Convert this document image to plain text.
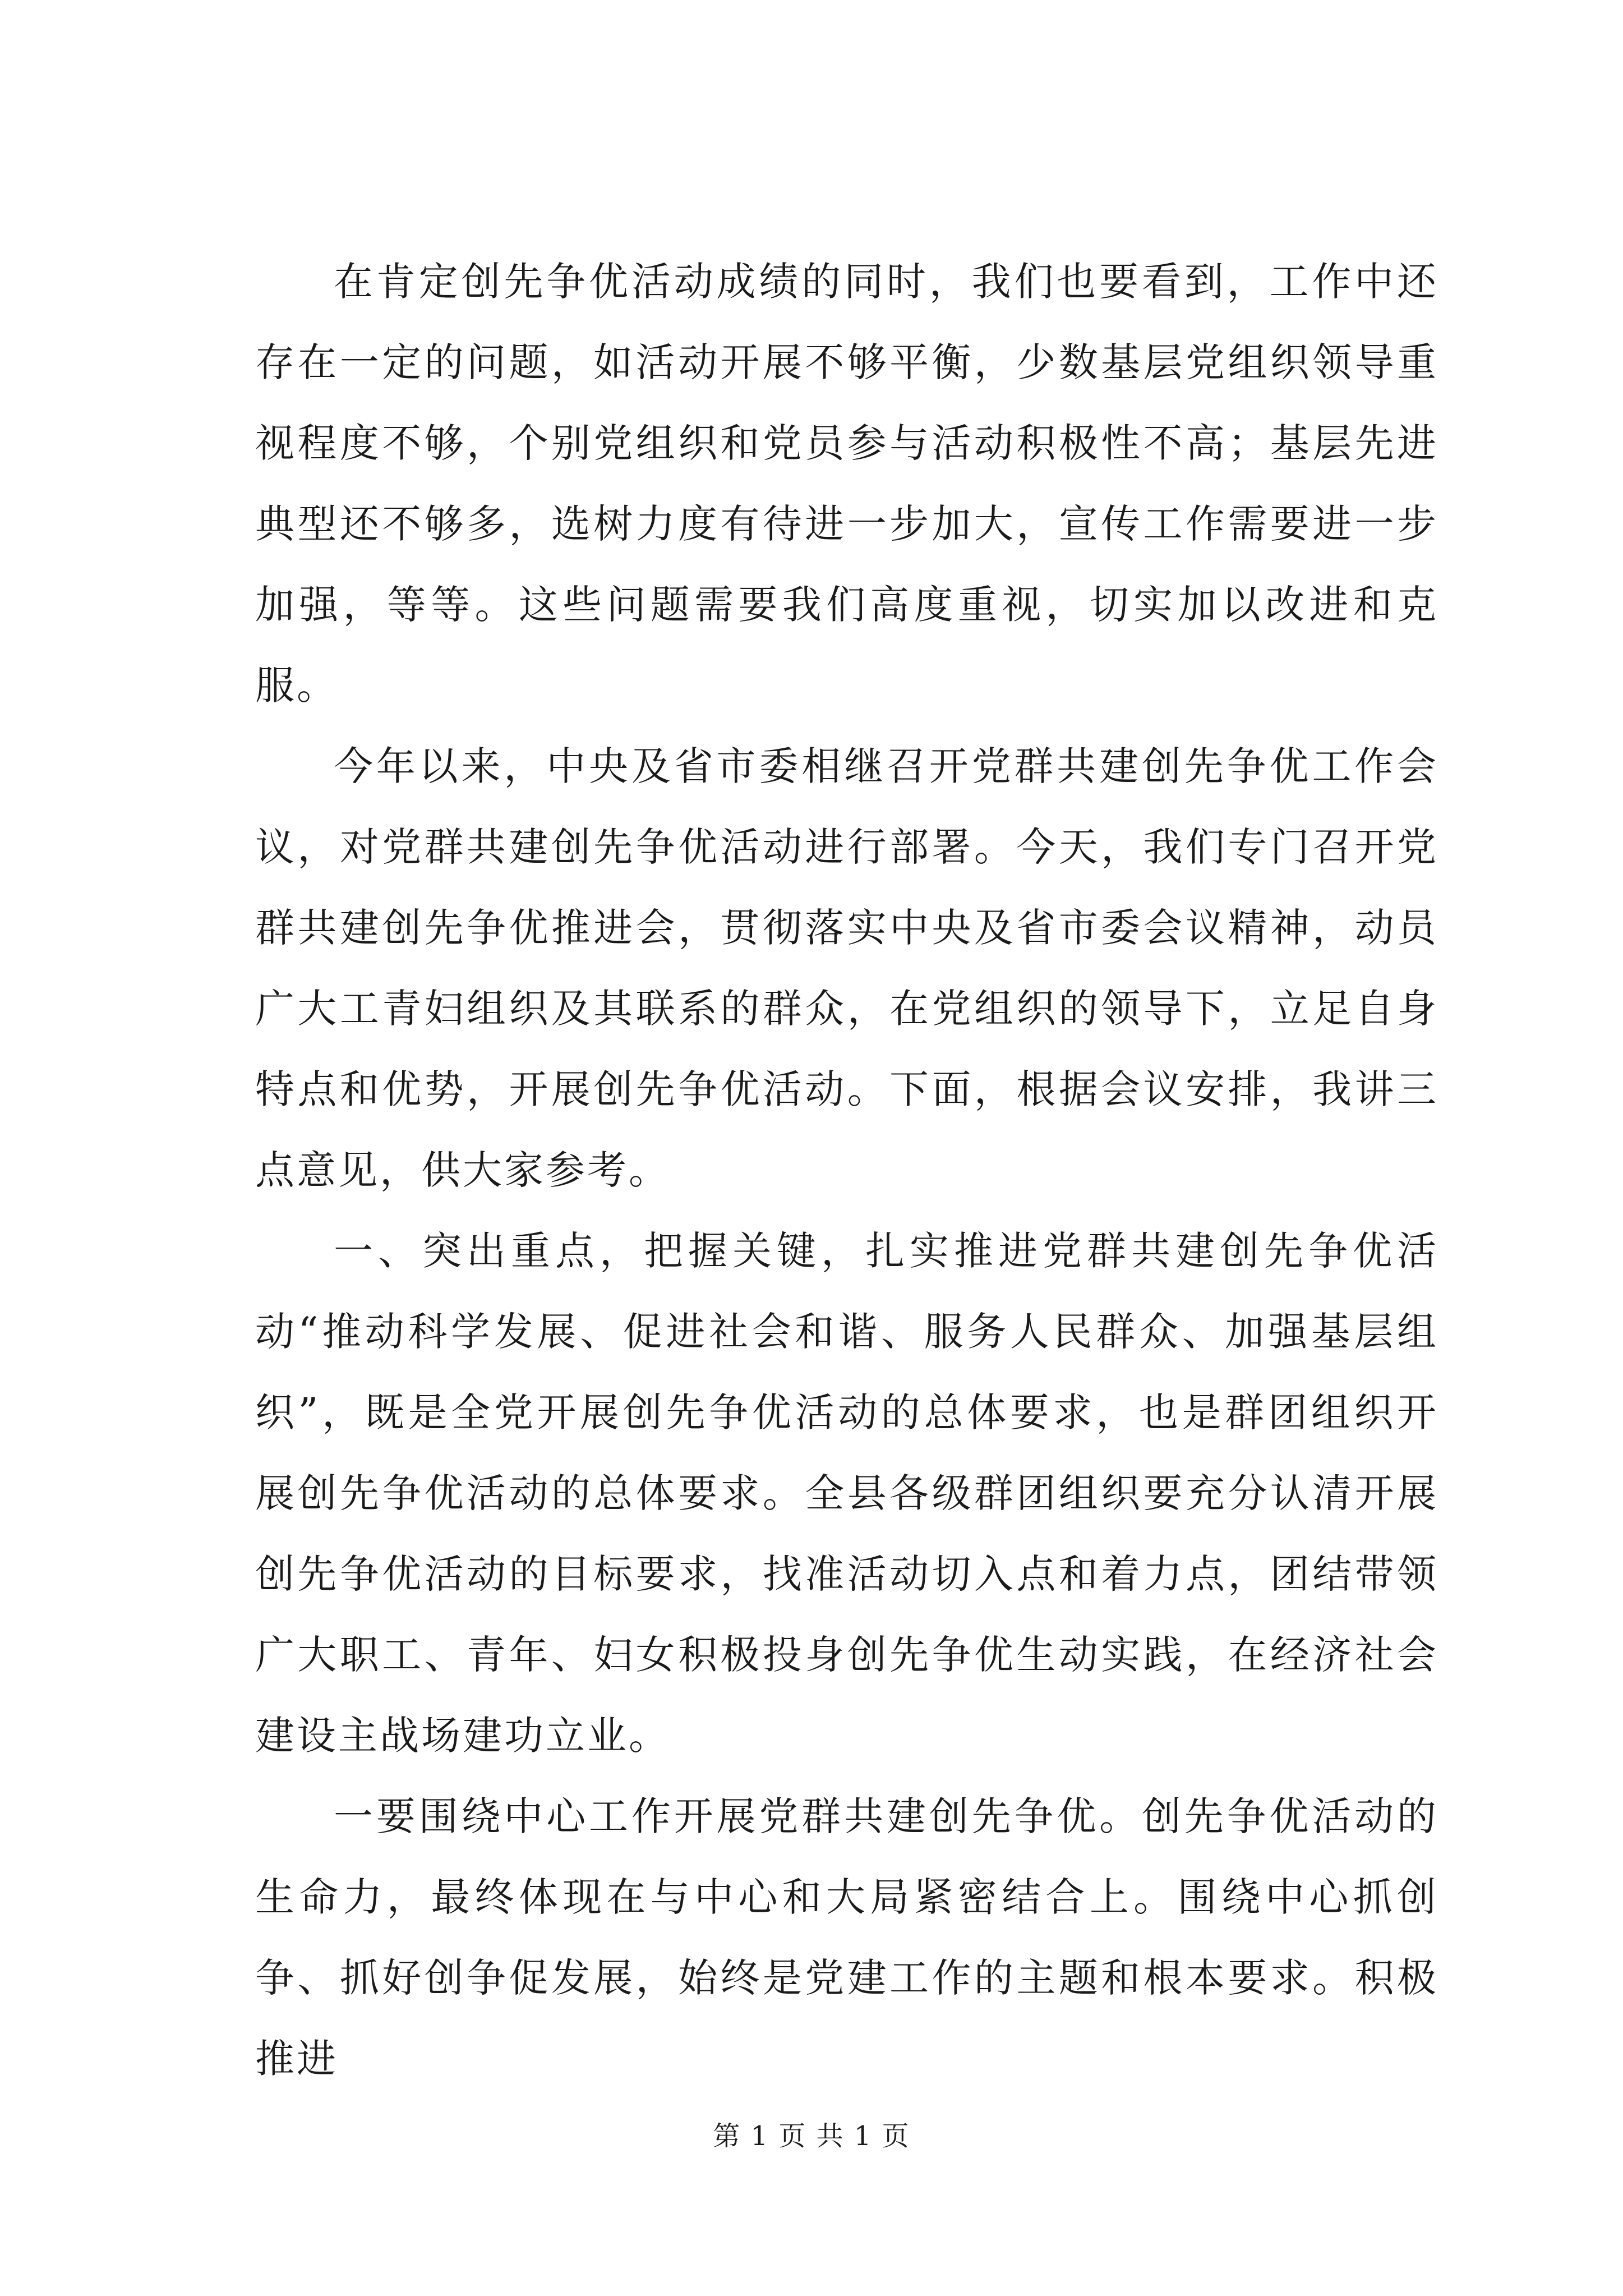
在肯定创先争优活动成绩的同时，我们也要看到，工作中还存在一定的问题，如活动开展不够平衡，少数基层党组织领导重视程度不够，个别党组织和党员参与活动积极性不高；基层先进典型还不够多，选树力度有待进一步加大，宣传工作需要进一步加强，等等。这些问题需要我们高度重视，切实加以改进和克服。

今年以来，中央及省市委相继召开党群共建创先争优工作会议，对党群共建创先争优活动进行部署。今天，我们专门召开党群共建创先争优推进会，贯彻落实中央及省市委会议精神，动员广大工青妇组织及其联系的群众，在党组织的领导下，立足自身特点和优势，开展创先争优活动。下面，根据会议安排，我讲三点意见，供大家参考。

一、突出重点，把握关键，扎实推进党群共建创先争优活动“推动科学发展、促进社会和谐、服务人民群众、加强基层组织”，既是全党开展创先争优活动的总体要求，也是群团组织开展创先争优活动的总体要求。全县各级群团组织要充分认清开展创先争优活动的目标要求，找准活动切入点和着力点，团结带领广大职工、青年、妇女积极投身创先争优生动实践，在经济社会建设主战场建功立业。

一要围绕中心工作开展党群共建创先争优。创先争优活动的生命力，最终体现在与中心和大局紧密结合上。围绕中心抓创争、抓好创争促发展，始终是党建工作的主题和根本要求。积极推进

第 1 页 共 1 页
